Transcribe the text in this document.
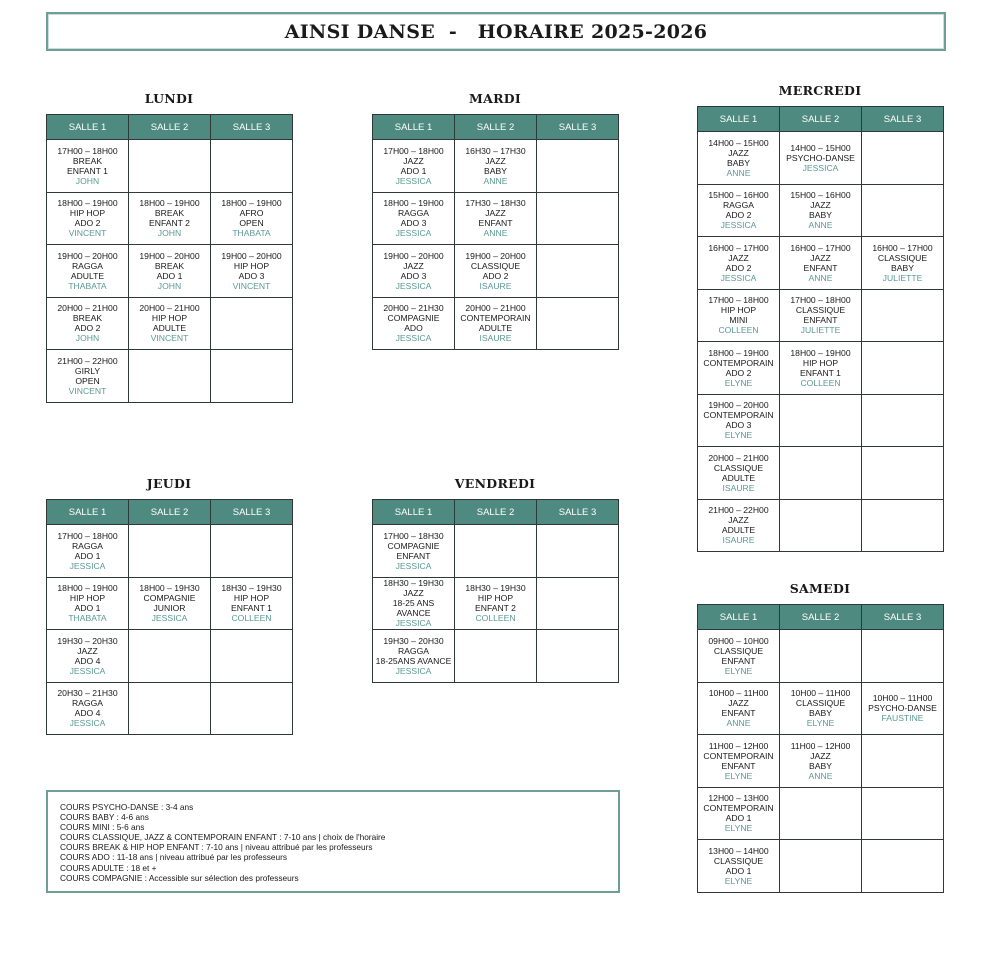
AINSI DANSE  -   HORAIRE 2025-2026
COURS PSYCHO-DANSE : 3-4 ans
COURS BABY : 4-6 ans
COURS MINI : 5-6 ans
COURS CLASSIQUE, JAZZ & CONTEMPORAIN ENFANT : 7-10 ans | choix de l'horaire
COURS BREAK & HIP HOP ENFANT : 7-10 ans | niveau attribué par les professeurs
COURS ADO : 11-18 ans | niveau attribué par les professeurs
COURS ADULTE : 18 et +
COURS COMPAGNIE : Accessible sur sélection des professeurs
LUNDI
SALLE 1	SALLE 2	SALLE 3

17H00 – 18H00
BREAK
ENFANT 1
JOHN		

18H00 – 19H00
HIP HOP
ADO 2
VINCENT	18H00 – 19H00
BREAK
ENFANT 2
JOHN	18H00 – 19H00
AFRO
OPEN
THABATA

19H00 – 20H00
RAGGA
ADULTE
THABATA	19H00 – 20H00
BREAK
ADO 1
JOHN	19H00 – 20H00
HIP HOP
ADO 3
VINCENT

20H00 – 21H00
BREAK
ADO 2
JOHN	20H00 – 21H00
HIP HOP
ADULTE
VINCENT	

21H00 – 22H00
GIRLY
OPEN
VINCENT		

MARDI
SALLE 1	SALLE 2	SALLE 3

17H00 – 18H00
JAZZ
ADO 1
JESSICA	16H30 – 17H30
JAZZ
BABY
ANNE	

18H00 – 19H00
RAGGA
ADO 3
JESSICA	17H30 – 18H30
JAZZ
ENFANT
ANNE	

19H00 – 20H00
JAZZ
ADO 3
JESSICA	19H00 – 20H00
CLASSIQUE
ADO 2
ISAURE	

20H00 – 21H30
COMPAGNIE
ADO
JESSICA	20H00 – 21H00
CONTEMPORAIN
ADULTE
ISAURE	

MERCREDI
SALLE 1	SALLE 2	SALLE 3

14H00 – 15H00
JAZZ
BABY
ANNE	14H00 – 15H00
PSYCHO-DANSE
JESSICA	

15H00 – 16H00
RAGGA
ADO 2
JESSICA	15H00 – 16H00
JAZZ
BABY
ANNE	

16H00 – 17H00
JAZZ
ADO 2
JESSICA	16H00 – 17H00
JAZZ
ENFANT
ANNE	16H00 – 17H00
CLASSIQUE
BABY
JULIETTE

17H00 – 18H00
HIP HOP
MINI
COLLEEN	17H00 – 18H00
CLASSIQUE
ENFANT
JULIETTE	

18H00 – 19H00
CONTEMPORAIN
ADO 2
ELYNE	18H00 – 19H00
HIP HOP
ENFANT 1
COLLEEN	

19H00 – 20H00
CONTEMPORAIN
ADO 3
ELYNE		

20H00 – 21H00
CLASSIQUE
ADULTE
ISAURE		

21H00 – 22H00
JAZZ
ADULTE
ISAURE		

JEUDI
SALLE 1	SALLE 2	SALLE 3

17H00 – 18H00
RAGGA
ADO 1
JESSICA		

18H00 – 19H00
HIP HOP
ADO 1
THABATA	18H00 – 19H30
COMPAGNIE
JUNIOR
JESSICA	18H30 – 19H30
HIP HOP
ENFANT 1
COLLEEN

19H30 – 20H30
JAZZ
ADO 4
JESSICA		

20H30 – 21H30
RAGGA
ADO 4
JESSICA		

VENDREDI
SALLE 1	SALLE 2	SALLE 3

17H00 – 18H30
COMPAGNIE
ENFANT
JESSICA		

18H30 – 19H30
JAZZ
18-25 ANS
AVANCE
JESSICA	18H30 – 19H30
HIP HOP
ENFANT 2
COLLEEN	

19H30 – 20H30
RAGGA
18-25ANS AVANCE
JESSICA		

SAMEDI
SALLE 1	SALLE 2	SALLE 3

09H00 – 10H00
CLASSIQUE
ENFANT
ELYNE		

10H00 – 11H00
JAZZ
ENFANT
ANNE	10H00 – 11H00
CLASSIQUE
BABY
ELYNE	10H00 – 11H00
PSYCHO-DANSE
FAUSTINE

11H00 – 12H00
CONTEMPORAIN
ENFANT
ELYNE	11H00 – 12H00
JAZZ
BABY
ANNE	

12H00 – 13H00
CONTEMPORAIN
ADO 1
ELYNE		

13H00 – 14H00
CLASSIQUE
ADO 1
ELYNE		
